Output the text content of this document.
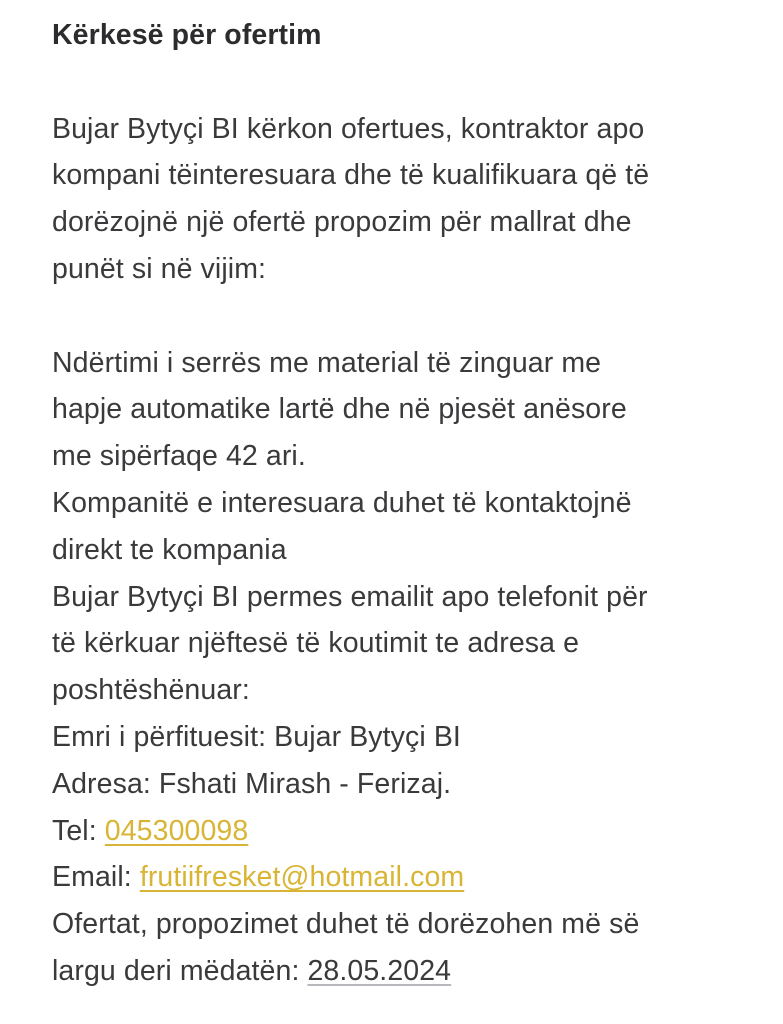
Kërkesë për ofertim
Bujar Bytyçi BI kërkon ofertues, kontraktor apo
kompani tëinteresuara dhe të kualifikuara që të
dorëzojnë një ofertë propozim për mallrat dhe
punët si në vijim:
Ndërtimi i serrës me material të zinguar me
hapje automatike lartë dhe në pjesët anësore
me sipërfaqe 42 ari.
Kompanitë e interesuara duhet të kontaktojnë
direkt te kompania
Bujar Bytyçi BI permes emailit apo telefonit për
të kërkuar njëftesë të koutimit te adresa e
poshtëshënuar:
Emri i përfituesit: Bujar Bytyçi BI
Adresa: Fshati Mirash - Ferizaj.
Tel: 045300098
Email: frutiifresket@hotmail.com
Ofertat, propozimet duhet të dorëzohen më së
largu deri mëdatën: 28.05.2024
